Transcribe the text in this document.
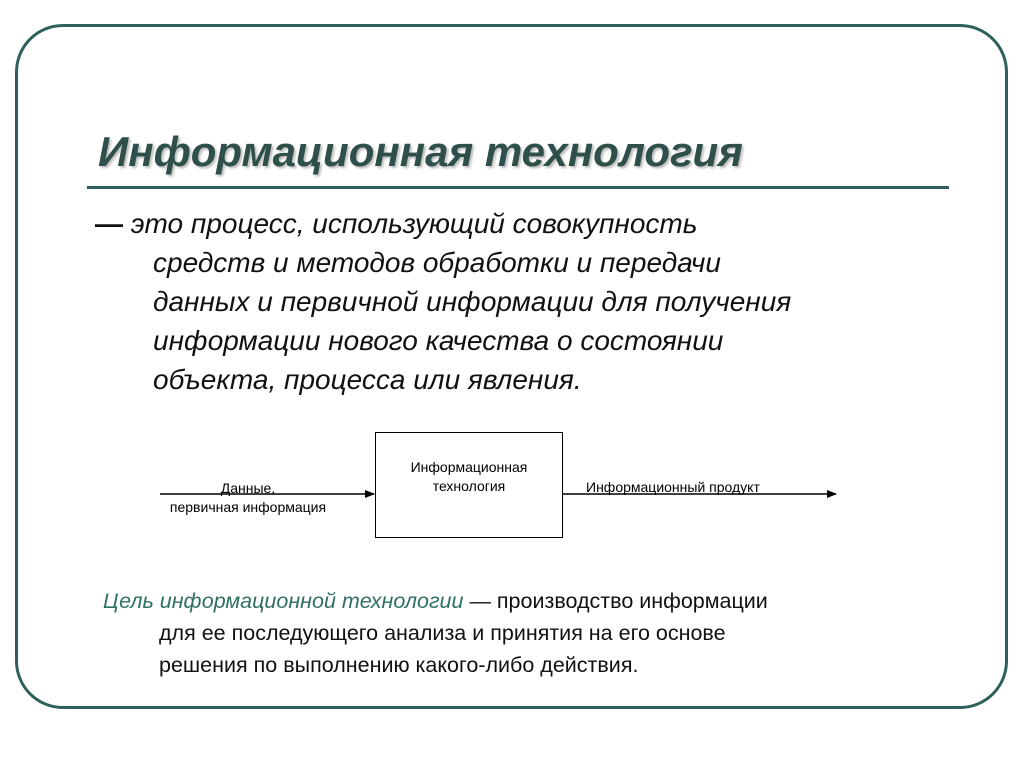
Информационная технология
— это процесс, использующий совокупность
средств и методов обработки и передачи
данных и первичной информации для получения
информации нового качества о состоянии
объекта, процесса или явления.
Информационная
технология
Данные,
первичная информация
Информационный продукт
Цель информационной технологии — производство информации
для ее последующего анализа и принятия на его основе
решения по выполнению какого-либо действия.
